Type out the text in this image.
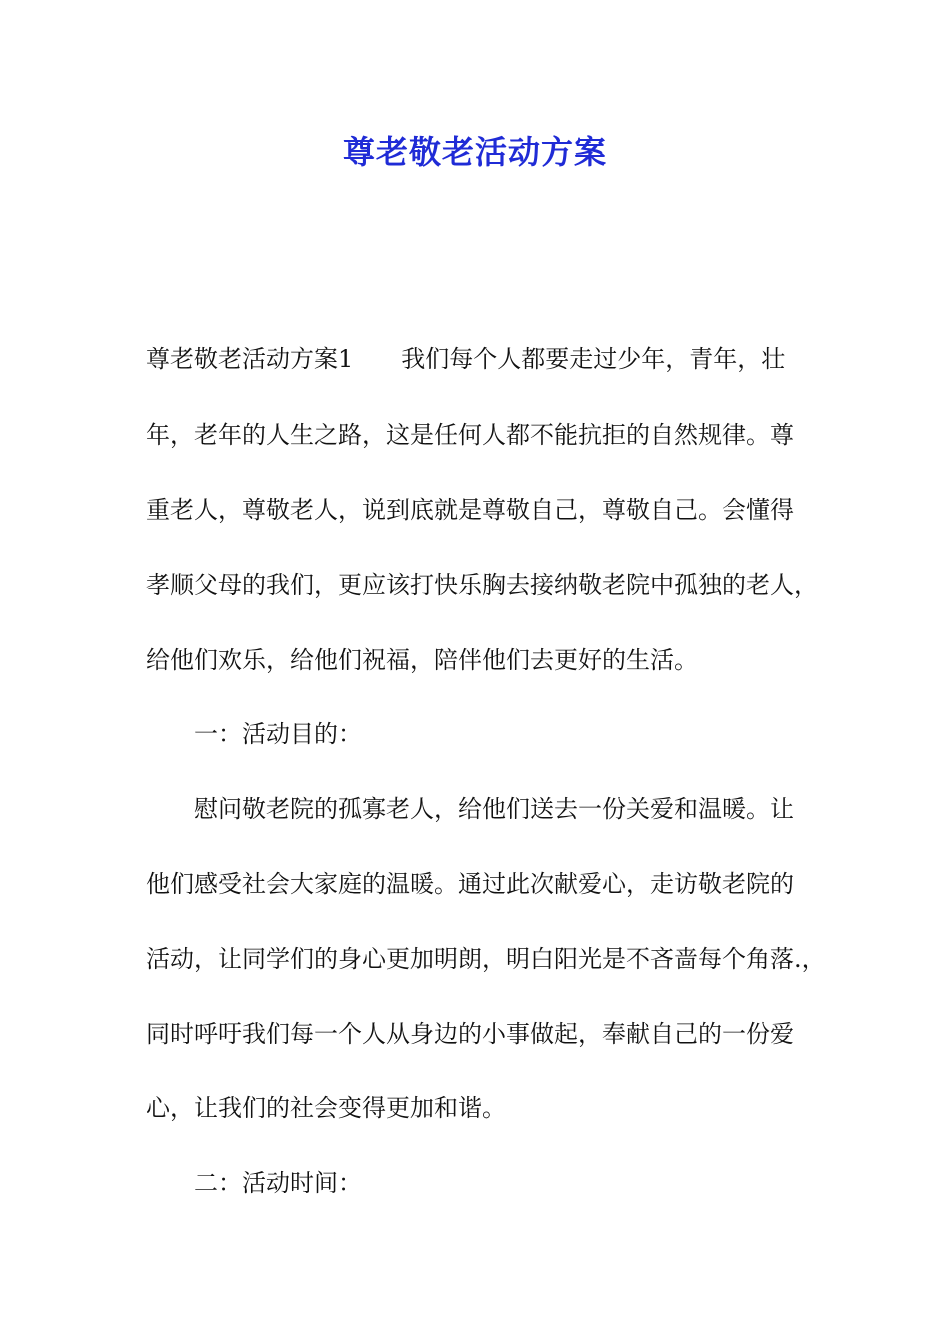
尊老敬老活动方案
尊老敬老活动方案1 我们每个人都要走过少年，青年，壮
年，老年的人生之路，这是任何人都不能抗拒的自然规律。尊
重老人，尊敬老人，说到底就是尊敬自己，尊敬自己。会懂得
孝顺父母的我们，更应该打快乐胸去接纳敬老院中孤独的老人，
给他们欢乐，给他们祝福，陪伴他们去更好的生活。
一：活动目的：
慰问敬老院的孤寡老人，给他们送去一份关爱和温暖。让
他们感受社会大家庭的温暖。通过此次献爱心，走访敬老院的
活动，让同学们的身心更加明朗，明白阳光是不吝啬每个角落.，
同时呼吁我们每一个人从身边的小事做起，奉献自己的一份爱
心，让我们的社会变得更加和谐。
二：活动时间：
